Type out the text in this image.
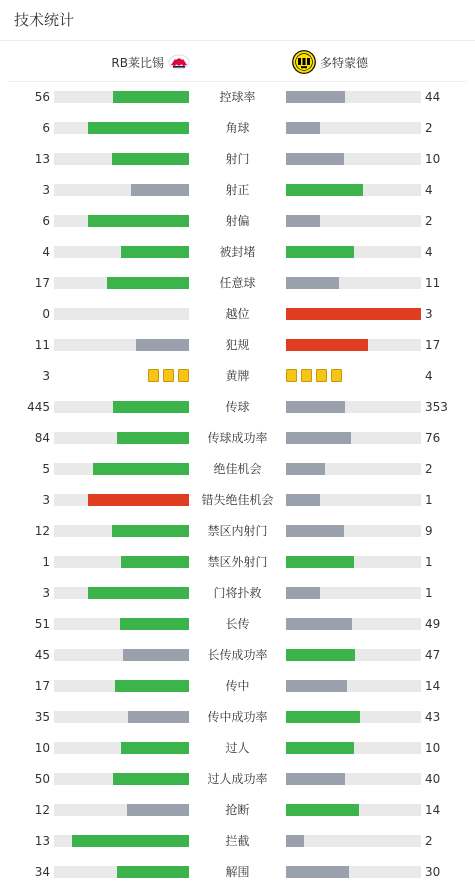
技术统计
RB莱比锡	多特蒙德
56	控球率	44
6	角球	2
13	射门	10
3	射正	4
6	射偏	2
4	被封堵	4
17	任意球	11
0	越位	3
11	犯规	17
3	黄牌	4
445	传球	353
84	传球成功率	76
5	绝佳机会	2
3	错失绝佳机会	1
12	禁区内射门	9
1	禁区外射门	1
3	门将扑救	1
51	长传	49
45	长传成功率	47
17	传中	14
35	传中成功率	43
10	过人	10
50	过人成功率	40
12	抢断	14
13	拦截	2
34	解围	30
